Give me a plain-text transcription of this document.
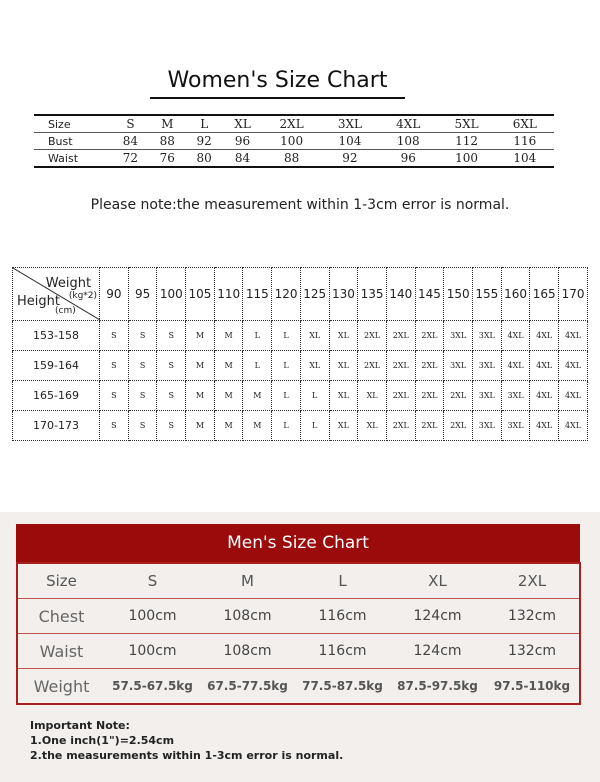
Women's Size Chart
Size	S	M	L	XL	2XL	3XL	4XL	5XL	6XL
Bust	84	88	92	96	100	104	108	112	116
Waist	72	76	80	84	88	92	96	100	104
Please note:the measurement within 1-3cm error is normal.
Weight
(kg*2)
Height
(cm)	90	95	100	105	110	115	120	125	130	135	140	145	150	155	160	165	170
153-158	S	S	S	M	M	L	L	XL	XL	2XL	2XL	2XL	3XL	3XL	4XL	4XL	4XL
159-164	S	S	S	M	M	L	L	XL	XL	2XL	2XL	2XL	3XL	3XL	4XL	4XL	4XL
165-169	S	S	S	M	M	M	L	L	XL	XL	2XL	2XL	2XL	3XL	3XL	4XL	4XL
170-173	S	S	S	M	M	M	L	L	XL	XL	2XL	2XL	2XL	3XL	3XL	4XL	4XL
Men's Size Chart
Size	S	M	L	XL	2XL
Chest	100cm	108cm	116cm	124cm	132cm
Waist	100cm	108cm	116cm	124cm	132cm
Weight	57.5-67.5kg	67.5-77.5kg	77.5-87.5kg	87.5-97.5kg	97.5-110kg
Important Note:
1.One inch(1")=2.54cm
2.the measurements within 1-3cm error is normal.
